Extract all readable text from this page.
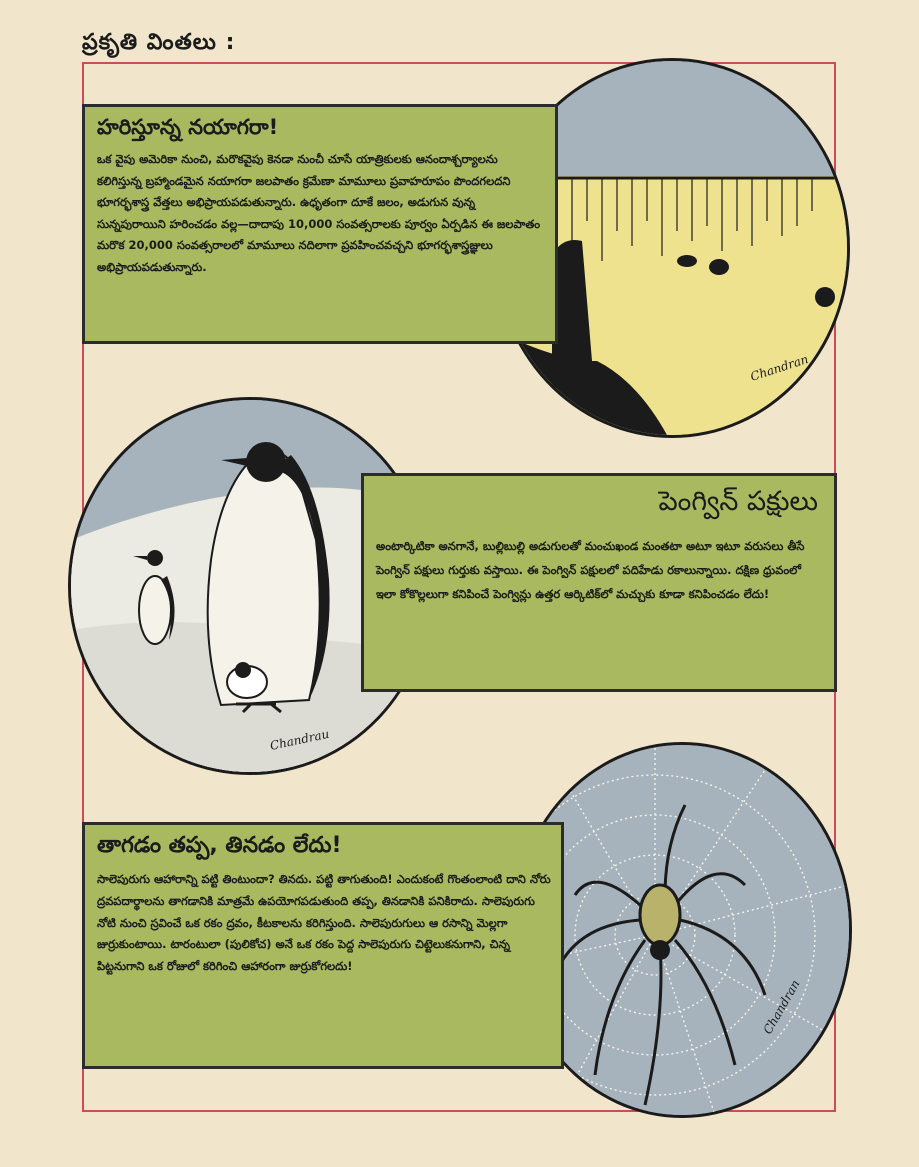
ప్రకృతి వింతలు :
Chandran
హరిస్తూన్న నయాగరా!
ఒక వైపు అమెరికా నుంచి, మరొకవైపు కెనడా నుంచీ చూసే యాత్రికులకు ఆనందాశ్చర్యాలను కలిగిస్తున్న బ్రహ్మాండమైన నయాగరా జలపాతం క్రమేణా మామూలు ప్రవాహరూపం పొందగలదని భూగర్భశాస్త్ర వేత్తలు అభిప్రాయపడుతున్నారు. ఉధృతంగా దూకే జలం, అడుగున వున్న సున్నపురాయిని హరించడం వల్ల—దాదాపు 10,000 సంవత్సరాలకు పూర్వం ఏర్పడిన ఈ జలపాతం మరొక 20,000 సంవత్సరాలలో మామూలు నదిలాగా ప్రవహించవచ్చని భూగర్భశాస్త్రజ్ఞులు అభిప్రాయపడుతున్నారు.
Chandrau
పెంగ్విన్ పక్షులు
అంటార్కిటికా అనగానే, బుల్లిబుల్లి అడుగులతో మంచుఖండ మంతటా అటూ ఇటూ వరుసలు తీసే పెంగ్విన్ పక్షులు గుర్తుకు వస్తాయి. ఈ పెంగ్విన్ పక్షులలో పదిహేడు రకాలున్నాయి. దక్షిణ ధ్రువంలో ఇలా కోకొల్లలుగా కనిపించే పెంగ్విన్లు ఉత్తర ఆర్కిటిక్‌లో మచ్చుకు కూడా కనిపించడం లేదు!
Chandran
తాగడం తప్ప, తినడం లేదు!
సాలెపురుగు ఆహారాన్ని పట్టి తింటుందా? తినదు. పట్టి తాగుతుంది! ఎందుకంటే గొంతంలాంటి దాని నోరు ద్రవపదార్థాలను తాగడానికి మాత్రమే ఉపయోగపడుతుంది తప్ప, తినడానికి పనికిరాదు. సాలెపురుగు నోటి నుంచి స్రవించే ఒక రకం ద్రవం, కీటకాలను కరిగిస్తుంది. సాలెపురుగులు ఆ రసాన్ని మెల్లగా జుర్రుకుంటాయి. టారంటులా (పులికోచ) అనే ఒక రకం పెద్ద సాలెపురుగు చిట్టెలుకనుగాని, చిన్న పిట్టనుగాని ఒక రోజులో కరిగించి ఆహారంగా జుర్రుకోగలదు!
